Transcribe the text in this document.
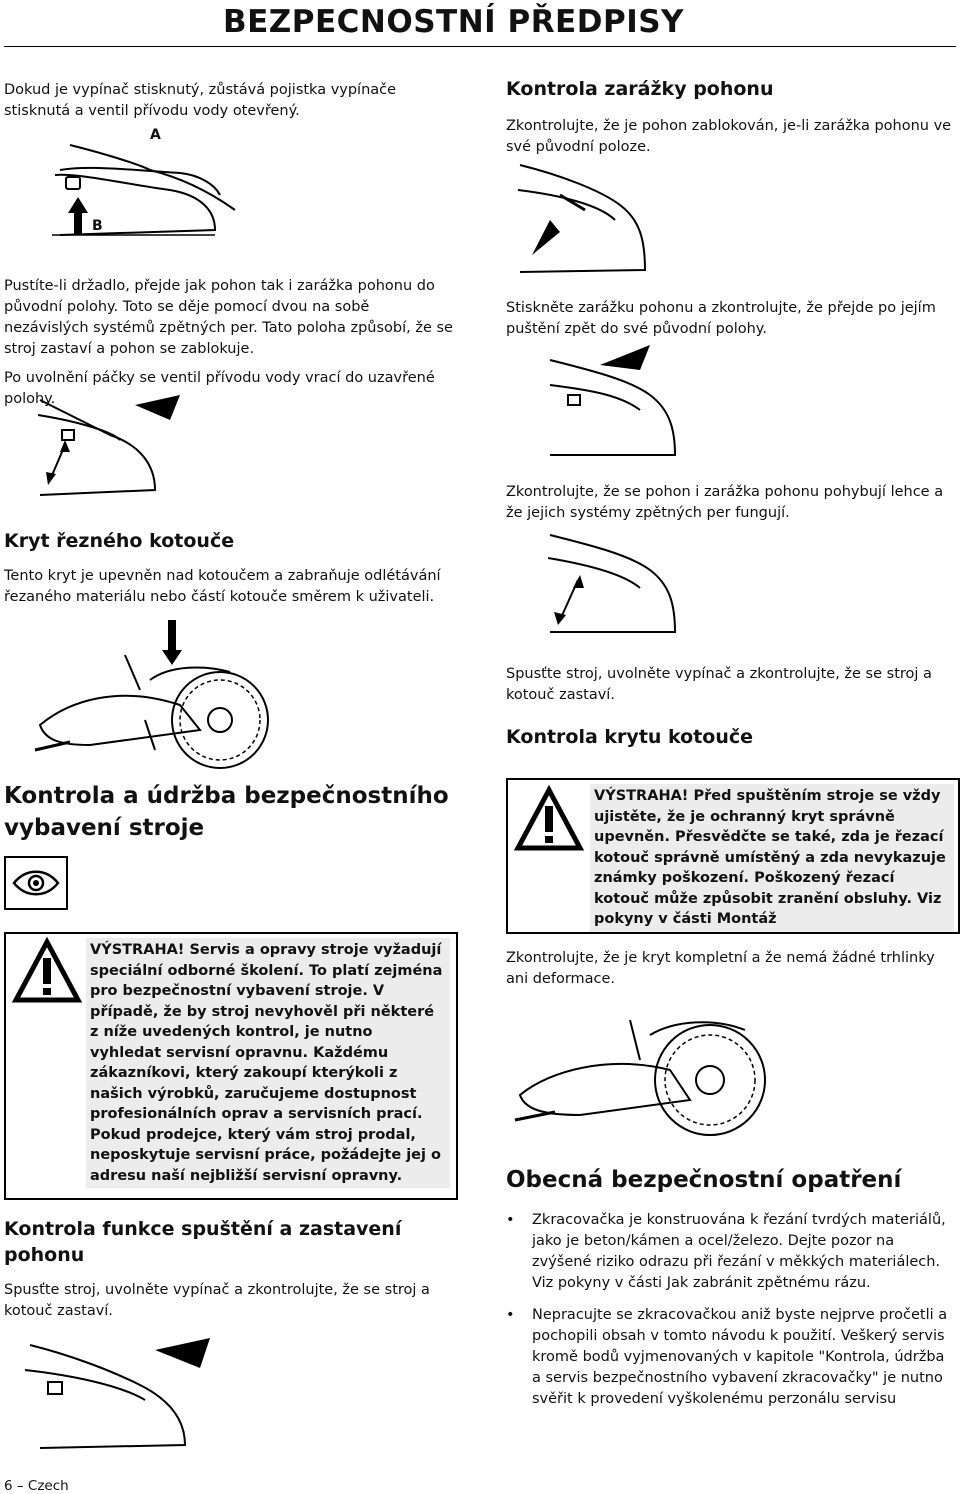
BEZPECNOSTNÍ PŘEDPISY

Dokud je vypínač stisknutý, zůstává pojistka vypínače stisknutá a ventil přívodu vody otevřený.

A
B

Pustíte-li držadlo, přejde jak pohon tak i zarážka pohonu do původní polohy. Toto se děje pomocí dvou na sobě nezávislých systémů zpětných per. Tato poloha způsobí, že se stroj zastaví a pohon se zablokuje.

Po uvolnění páčky se ventil přívodu vody vrací do uzavřené polohy.

Kryt řezného kotouče

Tento kryt je upevněn nad kotoučem a zabraňuje odlétávání řezaného materiálu nebo částí kotouče směrem k uživateli.

Kontrola a údržba bezpečnostního vybavení stroje
VÝSTRAHA! Servis a opravy stroje vyžadují speciální odborné školení. To platí zejména pro bezpečnostní vybavení stroje. V případě, že by stroj nevyhověl při některé z níže uvedených kontrol, je nutno vyhledat servisní opravnu. Každému zákazníkovi, který zakoupí kterýkoli z našich výrobků, zaručujeme dostupnost profesionálních oprav a servisních prací. Pokud prodejce, který vám stroj prodal, neposkytuje servisní práce, požádejte jej o adresu naší nejbližší servisní opravny.
Kontrola funkce spuštění a zastavení pohonu

Spusťte stroj, uvolněte vypínač a zkontrolujte, že se stroj a kotouč zastaví.

Kontrola zarážky pohonu

Zkontrolujte, že je pohon zablokován, je-li zarážka pohonu ve své původní poloze.

Stiskněte zarážku pohonu a zkontrolujte, že přejde po jejím puštění zpět do své původní polohy.

Zkontrolujte, že se pohon i zarážka pohonu pohybují lehce a že jejich systémy zpětných per fungují.

Spusťte stroj, uvolněte vypínač a zkontrolujte, že se stroj a kotouč zastaví.

Kontrola krytu kotouče
VÝSTRAHA! Před spuštěním stroje se vždy ujistěte, že je ochranný kryt správně upevněn. Přesvědčte se také, zda je řezací kotouč správně umístěný a zda nevykazuje známky poškození. Poškozený řezací kotouč může způsobit zranění obsluhy. Viz pokyny v části Montáž

Zkontrolujte, že je kryt kompletní a že nemá žádné trhlinky ani deformace.

Obecná bezpečnostní opatření
• Zkracovačka je konstruována k řezání tvrdých materiálů, jako je beton/kámen a ocel/železo. Dejte pozor na zvýšené riziko odrazu při řezání v měkkých materiálech. Viz pokyny v části Jak zabránit zpětnému rázu.
• Nepracujte se zkracovačkou aniž byste nejprve pročetli a pochopili obsah v tomto návodu k použití. Veškerý servis kromě bodů vyjmenovaných v kapitole "Kontrola, údržba a servis bezpečnostního vybavení zkracovačky" je nutno svěřit k provedení vyškolenému perzonálu servisu
6 – Czech
